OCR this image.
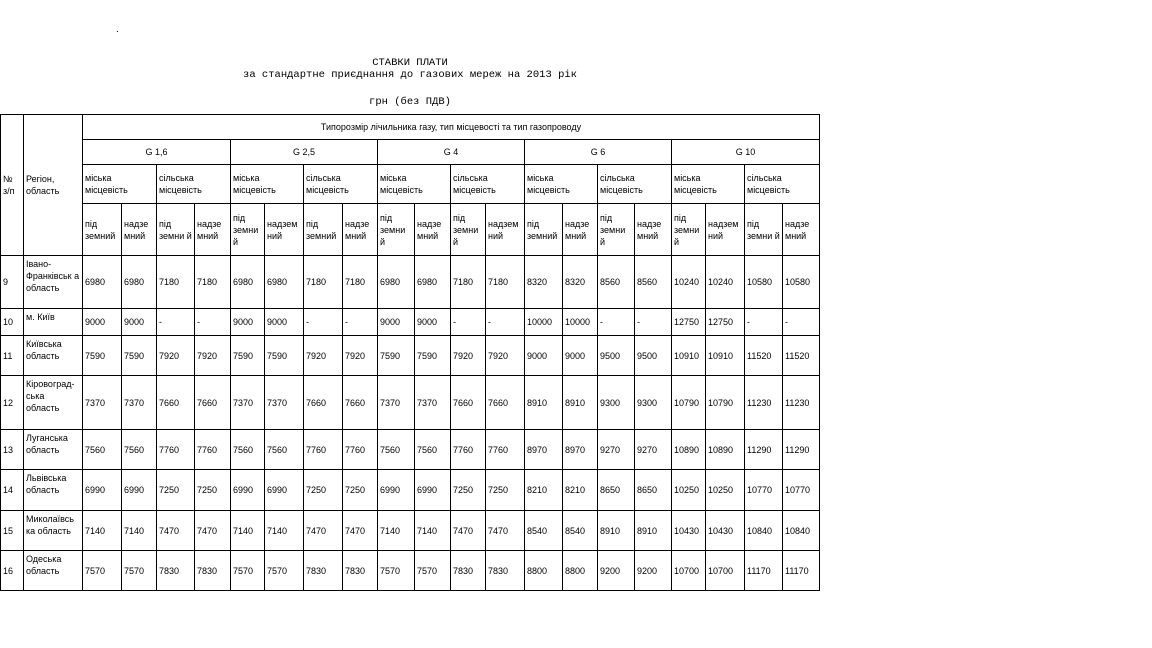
.
СТАВКИ ПЛАТИ
за стандартне приєднання до газових мереж на 2013 рік
грн (без ПДВ)
№ з/п	Регіон, область	Типорозмір лічильника газу, тип місцевості та тип газопроводу																			
		G 1,6				G 2,5				G 4				G 6				G 10			
		міська місцевість		сільська місцевість		міська місцевість		сільська місцевість		міська місцевість		сільська місцевість		міська місцевість		сільська місцевість		міська місцевість		сільська місцевість	
		під земний	надзе мний	під земни й	надзе мний	під земни й	надзем ний	під земний	надзе мний	під земни й	надзе мний	під земни й	надзем ний	під земний	надзе мний	під земни й	надзе мний	під земни й	надзем ний	під земни й	надзе мний
9	Івано-Франківськ а область	6980	6980	7180	7180	6980	6980	7180	7180	6980	6980	7180	7180	8320	8320	8560	8560	10240	10240	10580	10580
10	м. Київ	9000	9000	-	-	9000	9000	-	-	9000	9000	-	-	10000	10000	-	-	12750	12750	-	-
11	Київська область	7590	7590	7920	7920	7590	7590	7920	7920	7590	7590	7920	7920	9000	9000	9500	9500	10910	10910	11520	11520
12	Кіровоград-ська область	7370	7370	7660	7660	7370	7370	7660	7660	7370	7370	7660	7660	8910	8910	9300	9300	10790	10790	11230	11230
13	Луганська область	7560	7560	7760	7760	7560	7560	7760	7760	7560	7560	7760	7760	8970	8970	9270	9270	10890	10890	11290	11290
14	Львівська область	6990	6990	7250	7250	6990	6990	7250	7250	6990	6990	7250	7250	8210	8210	8650	8650	10250	10250	10770	10770
15	Миколаївсь ка область	7140	7140	7470	7470	7140	7140	7470	7470	7140	7140	7470	7470	8540	8540	8910	8910	10430	10430	10840	10840
16	Одеська область	7570	7570	7830	7830	7570	7570	7830	7830	7570	7570	7830	7830	8800	8800	9200	9200	10700	10700	11170	11170
